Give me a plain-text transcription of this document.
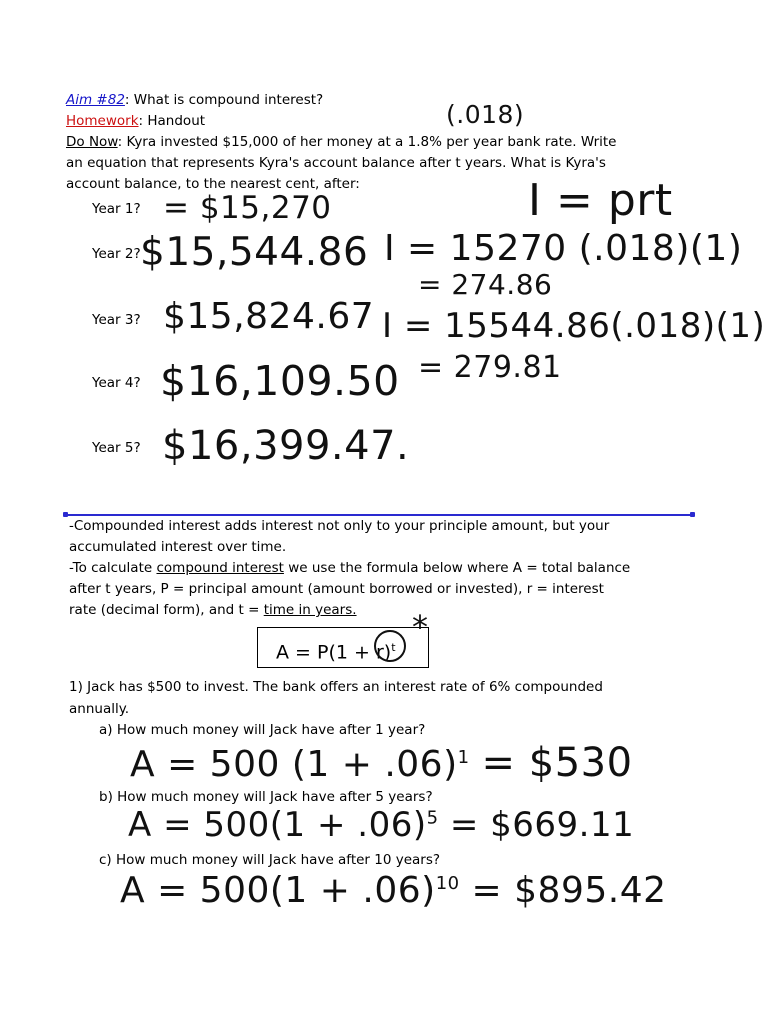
Aim #82: What is compound interest?
Homework: Handout
Do Now: Kyra invested $15,000 of her money at a 1.8% per year bank rate. Write
an equation that represents Kyra's account balance after t years. What is Kyra's
account balance, to the nearest cent, after:
(.018)
Year 1? = $15,270
Year 2? $15,544.86
Year 3? $15,824.67
Year 4? $16,109.50
Year 5? $16,399.47.
I = prt
I = 15270 (.018)(1)
= 274.86
I = 15544.86(.018)(1)
= 279.81
-Compounded interest adds interest not only to your principle amount, but your
accumulated interest over time.
-To calculate compound interest we use the formula below where A = total balance
after t years, P = principal amount (amount borrowed or invested), r = interest
rate (decimal form), and t = time in years.
$A = P(1 + r)^t$
*
1) Jack has $500 to invest. The bank offers an interest rate of 6% compounded
annually.
a) How much money will Jack have after 1 year?
A = 500 $(1 + .06)^1$ = $530
b) How much money will Jack have after 5 years?
$A = 500(1 + .06)^5$ = $669.11
c) How much money will Jack have after 10 years?
$A = 500(1 + .06)^{10}$ = $895.42
